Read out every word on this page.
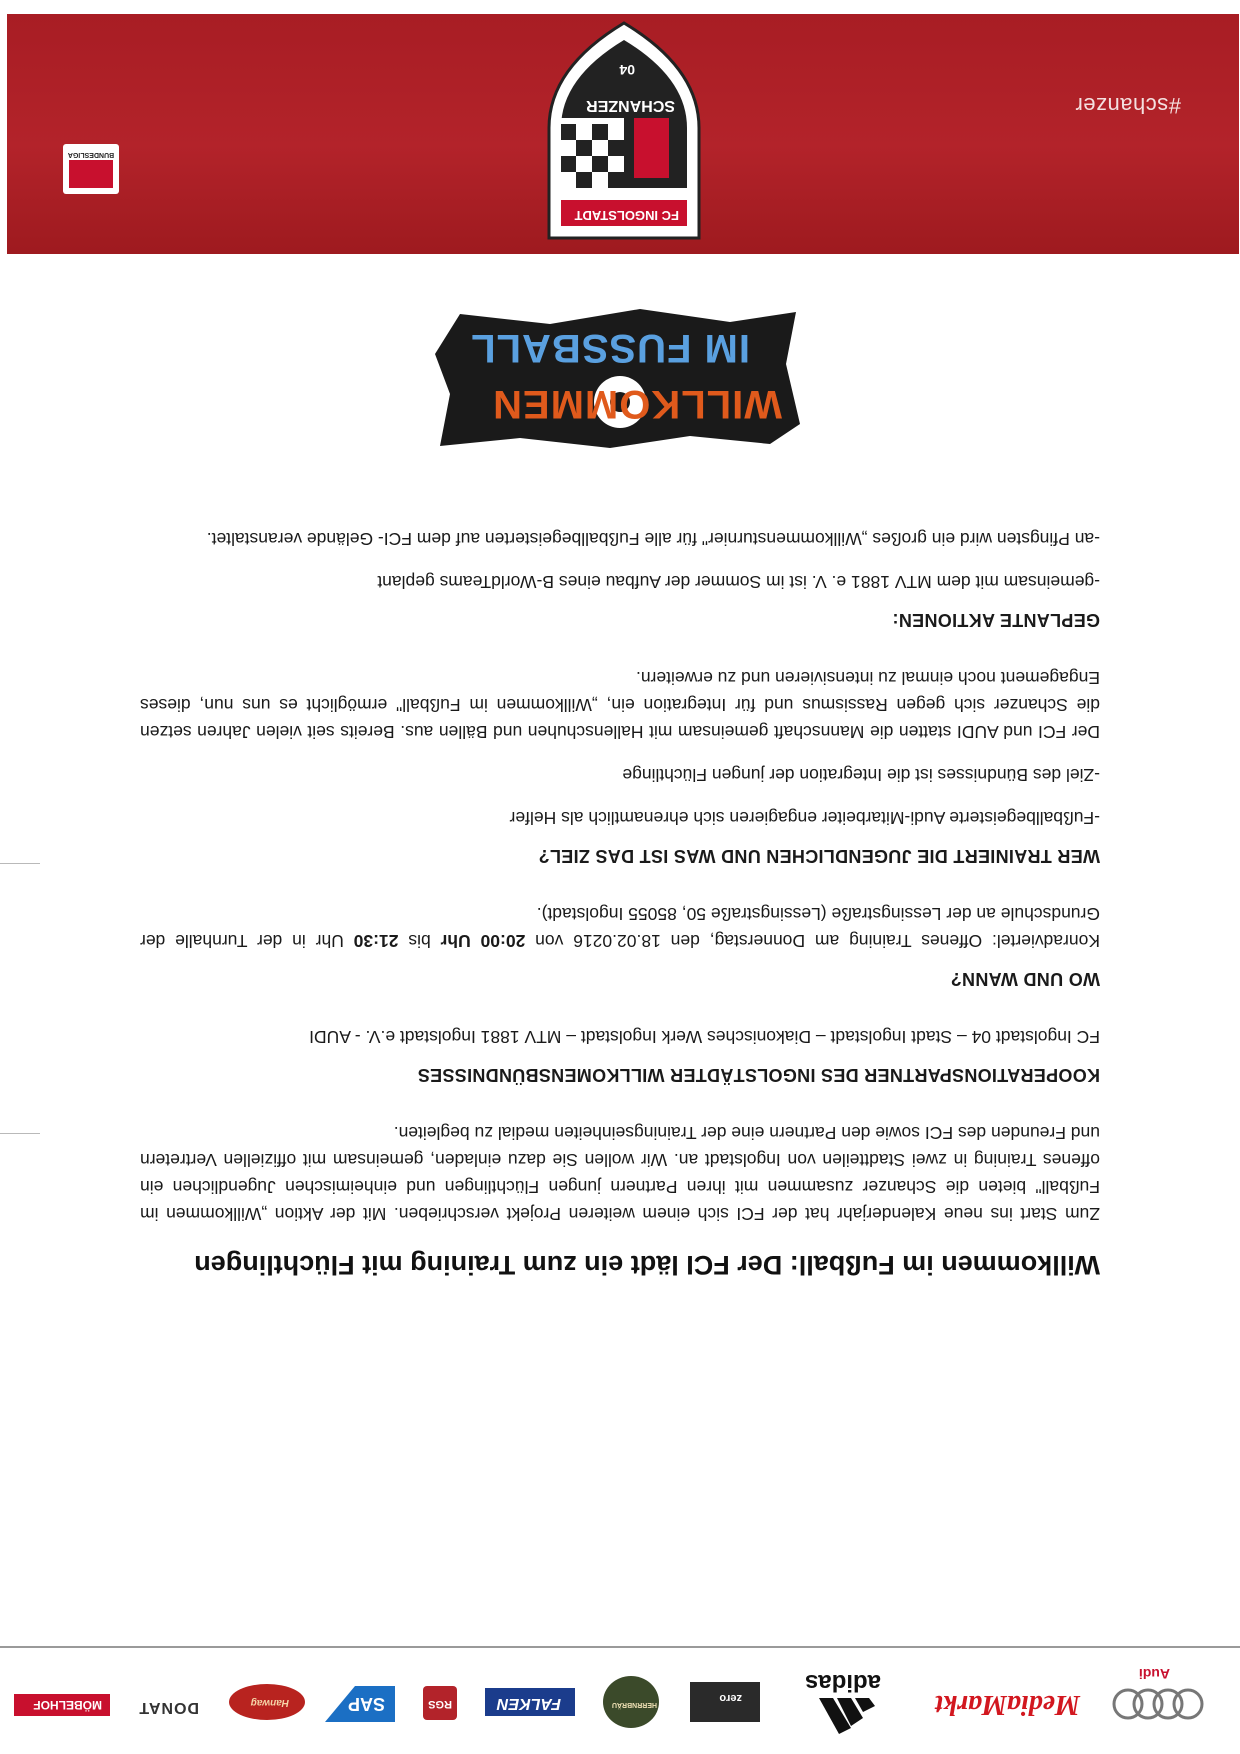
Audi
MediaMarkt
adidas
zero
HERRNBRÄU
FALKEN
RGS
SAP
Hanwag
DONAT
MÖBELHOF
#schanzer
FC INGOLSTADT
SCHANZER
04
BUNDESLIGA
WILLKOMMEN
IM FUSSBALL
Willkommen im Fußball: Der FCI lädt ein zum Training mit Flüchtlingen

Zum Start ins neue Kalenderjahr hat der FCI sich einem weiteren Projekt verschrieben. Mit der Aktion „Willkommen im Fußball" bieten die Schanzer zusammen mit ihren Partnern jungen Flüchtlingen und einheimischen Jugendlichen ein offenes Training in zwei Stadtteilen von Ingolstadt an. Wir wollen Sie dazu einladen, gemeinsam mit offiziellen Vertretern und Freunden des FCI sowie den Partnern eine der Trainingseinheiten medial zu begleiten.

KOOPERATIONSPARTNER DES INGOLSTÄDTER WILLKOMENSBÜNDNISSES

FC Ingolstadt 04 – Stadt Ingolstadt – Diakonisches Werk Ingolstadt – MTV 1881 Ingolstadt e.V. - AUDI

WO UND WANN?

Konradviertel: Offenes Training am Donnerstag, den 18.02.0216 von 20:00 Uhr bis 21:30 Uhr in der Turnhalle der Grundschule an der Lessingstraße (Lessingstraße 50, 85055 Ingolstadt).

WER TRAINIERT DIE JUGENDLICHEN UND WAS IST DAS ZIEL?

-Fußballbegeisterte Audi-Mitarbeiter engagieren sich ehrenamtlich als Helfer

-Ziel des Bündnisses ist die Integration der jungen Flüchtlinge

Der FCI und AUDI statten die Mannschaft gemeinsam mit Hallenschuhen und Bällen aus. Bereits seit vielen Jahren setzen die Schanzer sich gegen Rassismus und für Integration ein, „Willkommen im Fußball" ermöglicht es uns nun, dieses Engagement noch einmal zu intensivieren und zu erweitern.

GEPLANTE AKTIONEN:

-gemeinsam mit dem MTV 1881 e. V. ist im Sommer der Aufbau eines B-WorldTeams geplant

-an Pfingsten wird ein großes „Willkommensturnier" für alle Fußballbegeisterten auf dem FCI- Gelände veranstaltet.
